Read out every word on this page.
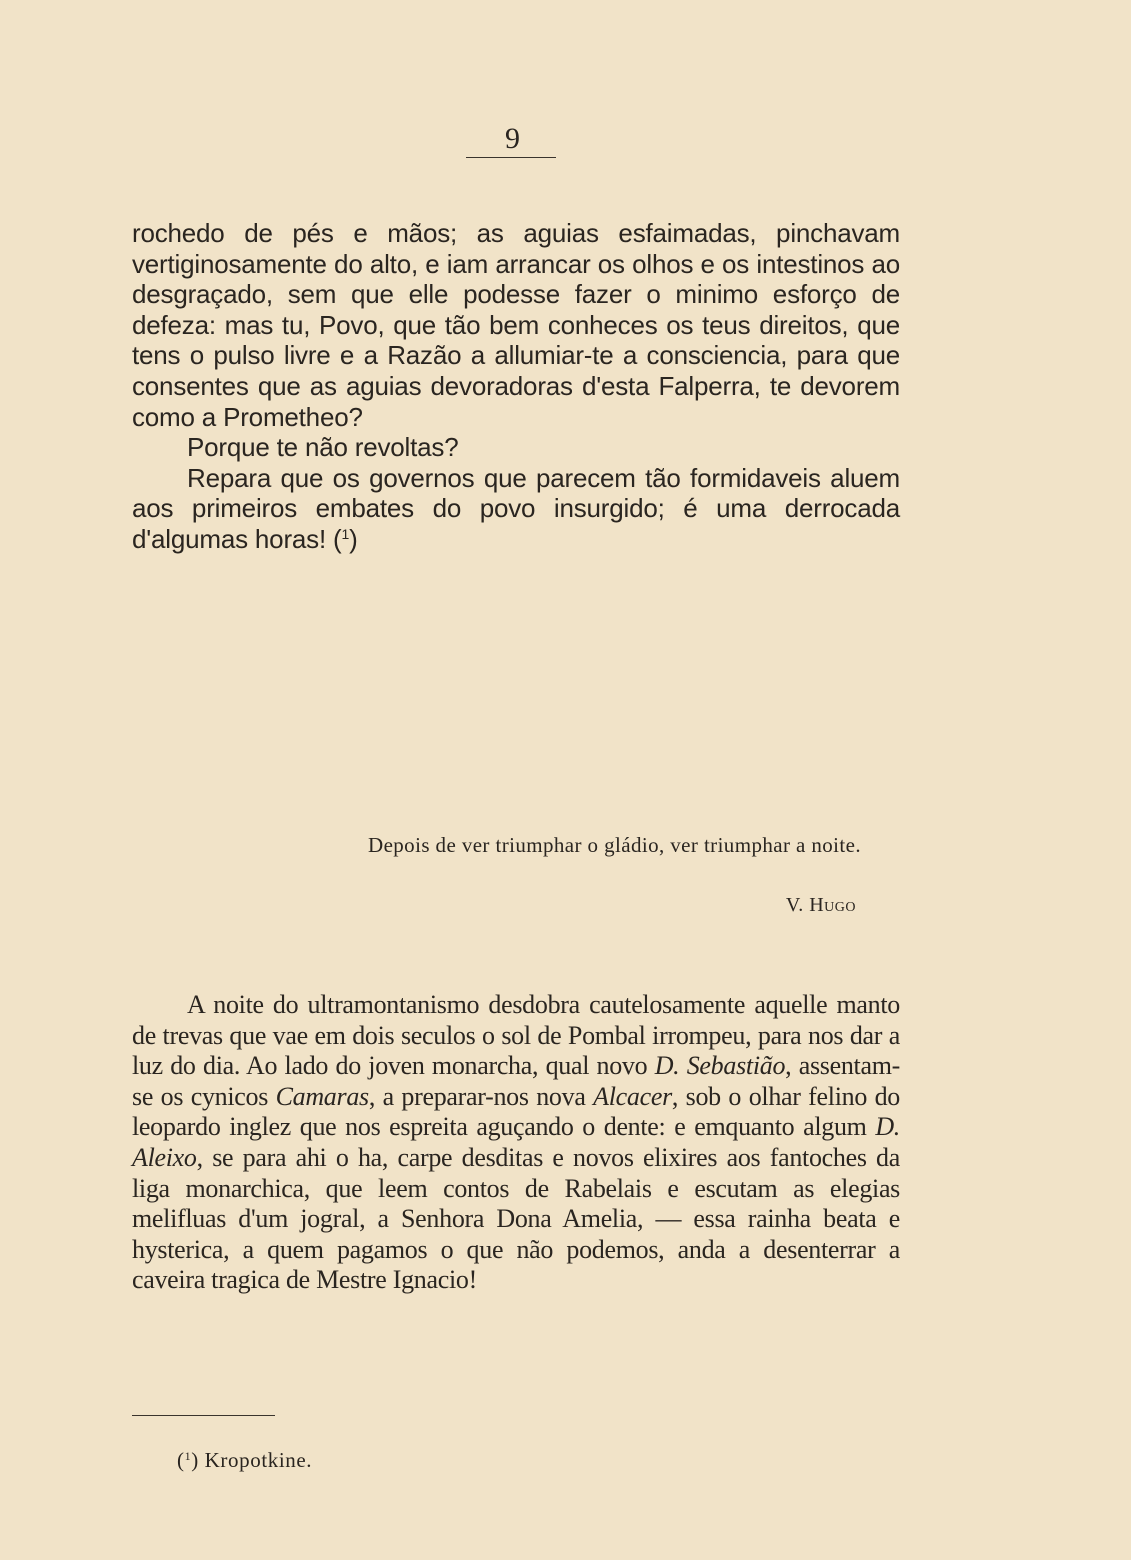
9

rochedo de pés e mãos; as aguias esfaimadas, pinchavam vertiginosamente do alto, e iam arrancar os olhos e os intestinos ao desgraçado, sem que elle podesse fazer o minimo esforço de defeza: mas tu, Povo, que tão bem conheces os teus direitos, que tens o pulso livre e a Razão a allumiar-te a consciencia, para que consentes que as aguias devoradoras d'esta Falperra, te devorem como a Prometheo?

Porque te não revoltas?

Repara que os governos que parecem tão formidaveis aluem aos primeiros embates do povo insurgido; é uma derrocada d'algumas horas! ($^1$)

Depois de ver triumphar o gládio, ver triumphar a noite.
V. Hugo

A noite do ultramontanismo desdobra cautelosamente aquelle manto de trevas que vae em dois seculos o sol de Pombal irrompeu, para nos dar a luz do dia. Ao lado do joven monarcha, qual novo D. Sebastião, assentam-se os cynicos Camaras, a preparar-nos nova Alcacer, sob o olhar felino do leopardo inglez que nos espreita aguçando o dente: e emquanto algum D. Aleixo, se para ahi o ha, carpe desditas e novos elixires aos fantoches da liga monarchica, que leem contos de Rabelais e escutam as elegias melifluas d'um jogral, a Senhora Dona Amelia, — essa rainha beata e hysterica, a quem pagamos o que não podemos, anda a desenterrar a caveira tragica de Mestre Ignacio!

($^1$) Kropotkine.
